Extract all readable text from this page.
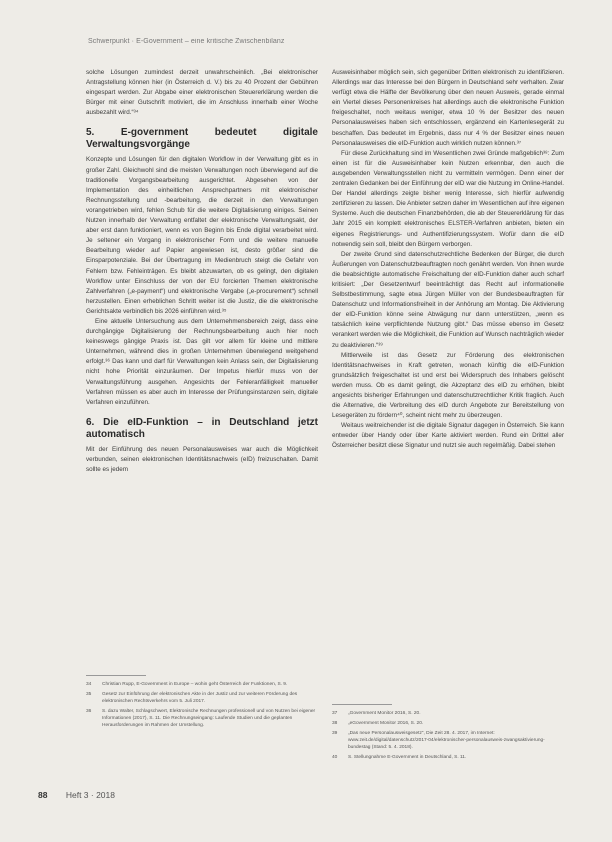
Schwerpunkt · E-Government – eine kritische Zwischenbilanz

solche Lösungen zumindest derzeit unwahrscheinlich. „Bei elektronischer Antragstellung können hier (in Österreich d. V.) bis zu 40 Prozent der Gebühren eingespart werden. Zur Abgabe einer elektronischen Steuererklärung werden die Bürger mit einer Gutschrift motiviert, die im Anschluss innerhalb einer Woche ausbezahlt wird.“³⁴

5. E-government bedeutet digitale Verwaltungsvorgänge

Konzepte und Lösungen für den digitalen Workflow in der Verwaltung gibt es in großer Zahl. Gleichwohl sind die meisten Verwaltungen noch überwiegend auf die traditionelle Vorgangsbearbeitung ausgerichtet. Abgesehen von der Implementation des einheitlichen Ansprechpartners mit elektronischer Rechnungsstellung und -bearbeitung, die derzeit in den Verwaltungen vorangetrieben wird, fehlen Schub für die weitere Digitalisierung einiges. Seinen Nutzen innerhalb der Verwaltung entfaltet der elektronische Verwaltungsakt, der aber erst dann funktioniert, wenn es von Beginn bis Ende digital verarbeitet wird. Je seltener ein Vorgang in elektronischer Form und die weitere manuelle Bearbeitung wieder auf Papier angewiesen ist, desto größer sind die Einsparpotenziale. Bei der Übertragung im Medienbruch steigt die Gefahr von Fehlern bzw. Fehleinträgen. Es bleibt abzuwarten, ob es gelingt, den digitalen Workflow unter Einschluss der von der EU forcierten Themen elektronische Zahlverfahren („e-payment“) und elektronische Vergabe („e-procurement“) schnell herzustellen. Einen erheblichen Schritt weiter ist die Justiz, die die elektronische Gerichtsakte verbindlich bis 2026 einführen wird.³⁵

Eine aktuelle Untersuchung aus dem Unternehmensbereich zeigt, dass eine durchgängige Digitalisierung der Rechnungsbearbeitung auch hier noch keineswegs gängige Praxis ist. Das gilt vor allem für kleine und mittlere Unternehmen, während dies in großen Unternehmen überwiegend weitgehend erfolgt.³⁶ Das kann und darf für Verwaltungen kein Anlass sein, der Digitalisierung nicht hohe Priorität einzuräumen. Der Impetus hierfür muss von der Verwaltungsführung ausgehen. Angesichts der Fehleranfälligkeit manueller Verfahren müssen es aber auch im Interesse der Prüfungsinstanzen sein, digitale Verfahren einzuführen.

6. Die eID-Funktion – in Deutschland jetzt automatisch

Mit der Einführung des neuen Personalausweises war auch die Möglichkeit verbunden, seinen elektronischen Identitätsnachweis (eID) freizuschalten. Damit sollte es jedem

Ausweisinhaber möglich sein, sich gegenüber Dritten elektronisch zu identifizieren. Allerdings war das Interesse bei den Bürgern in Deutschland sehr verhalten. Zwar verfügt etwa die Hälfte der Bevölkerung über den neuen Ausweis, gerade einmal ein Viertel dieses Personenkreises hat allerdings auch die elektronische Funktion freigeschaltet, noch weitaus weniger, etwa 10 % der Besitzer des neuen Personalausweises haben sich entschlossen, ergänzend ein Kartenlesegerät zu beschaffen. Das bedeutet im Ergebnis, dass nur 4 % der Besitzer eines neuen Personalausweises die eID-Funktion auch wirklich nutzen können.³⁷

Für diese Zurückhaltung sind im Wesentlichen zwei Gründe maßgeblich³⁸: Zum einen ist für die Ausweisinhaber kein Nutzen erkennbar, den auch die ausgebenden Verwaltungsstellen nicht zu vermitteln vermögen. Denn einer der zentralen Gedanken bei der Einführung der eID war die Nutzung im Online-Handel. Der Handel allerdings zeigte bisher wenig Interesse, sich hierfür aufwendig zertifizieren zu lassen. Die Anbieter setzen daher im Wesentlichen auf ihre eigenen Systeme. Auch die deutschen Finanzbehörden, die ab der Steuererklärung für das Jahr 2015 ein komplett elektronisches ELSTER-Verfahren anbieten, bieten ein eigenes Registrierungs- und Authentifizierungssystem. Wofür dann die eID notwendig sein soll, bleibt den Bürgern verborgen.

Der zweite Grund sind datenschutzrechtliche Bedenken der Bürger, die durch Äußerungen von Datenschutzbeauftragten noch genährt werden. Von ihnen wurde die beabsichtigte automatische Freischaltung der eID-Funktion daher auch scharf kritisiert: „Der Gesetzentwurf beeinträchtigt das Recht auf informationelle Selbstbestimmung, sagte etwa Jürgen Müller von der Bundesbeauftragten für Datenschutz und Informationsfreiheit in der Anhörung am Montag. Die Aktivierung der eID-Funktion könne seine Abwägung nur dann unterstützen, „wenn es tatsächlich keine verpflichtende Nutzung gibt.“ Das müsse ebenso im Gesetz verankert werden wie die Möglichkeit, die Funktion auf Wunsch nachträglich wieder zu deaktivieren.“³⁹

Mittlerweile ist das Gesetz zur Förderung des elektronischen Identitätsnachweises in Kraft getreten, wonach künftig die eID-Funktion grundsätzlich freigeschaltet ist und erst bei Widerspruch des Inhabers gelöscht werden muss. Ob es damit gelingt, die Akzeptanz des eID zu erhöhen, bleibt angesichts bisheriger Erfahrungen und datenschutzrechtlicher Kritik fraglich. Auch die Alternative, die Verbreitung des eID durch Angebote zur Bereitstellung von Lesegeräten zu fördern⁴⁰, scheint nicht mehr zu überzeugen.

Weitaus weitreichender ist die digitale Signatur dagegen in Österreich. Sie kann entweder über Handy oder über Karte aktiviert werden. Rund ein Drittel aller Österreicher besitzt diese Signatur und nutzt sie auch regelmäßig. Dabei stehen

34	Christian Rupp, E-Government in Europe – wohin geht Österreich der Funktionen, S. 9.
35	Gesetz zur Einführung der elektronischen Akte in der Justiz und zur weiteren Förderung des elektronischen Rechtsverkehrs vom 5. Juli 2017.
36	S. dazu Walter, Schlagschwert, Elektronische Rechnungen professionell und von Nutzen bei eigener Informationen (2017), S. 11. Die Rechnungseingang: Laufende Studien und die geplanten Herausforderungen im Rahmen der Umstellung.
37	„Government Monitor 2016, S. 20.
38	„eGovernment Monitor 2016, S. 20.
39	„Das neue Personalausweisgesetz“, Die Zeit 28. 4. 2017, im Internet: www.zeit.de/digital/datenschutz/2017-04/elektronischer-personalausweis-zwangsaktivierung-bundestag (Stand: 5. 4. 2018).
40	S. Stellungnahme E-Government in Deutschland, S. 11.
88 Heft 3 · 2018
